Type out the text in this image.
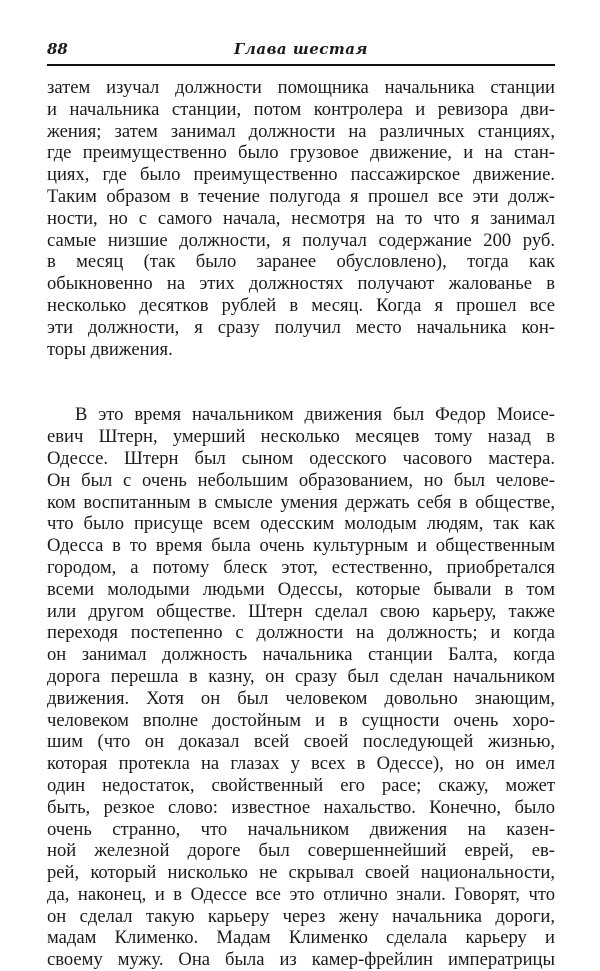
88	Глава шестая
затем изучал должности помощника начальника станции
и начальника станции, потом контролера и ревизора дви-
жения; затем занимал должности на различных станциях,
где преимущественно было грузовое движение, и на стан-
циях, где было преимущественно пассажирское движение.
Таким образом в течение полугода я прошел все эти долж-
ности, но с самого начала, несмотря на то что я занимал
самые низшие должности, я получал содержание 200 руб.
в месяц (так было заранее обусловлено), тогда как
обыкновенно на этих должностях получают жалованье в
несколько десятков рублей в месяц. Когда я прошел все
эти должности, я сразу получил место начальника кон-
торы движения.
В это время начальником движения был Федор Моисе-
евич Штерн, умерший несколько месяцев тому назад в
Одессе. Штерн был сыном одесского часового мастера.
Он был с очень небольшим образованием, но был челове-
ком воспитанным в смысле умения держать себя в обществе,
что было присуще всем одесским молодым людям, так как
Одесса в то время была очень культурным и общественным
городом, а потому блеск этот, естественно, приобретался
всеми молодыми людьми Одессы, которые бывали в том
или другом обществе. Штерн сделал свою карьеру, также
переходя постепенно с должности на должность; и когда
он занимал должность начальника станции Балта, когда
дорога перешла в казну, он сразу был сделан начальником
движения. Хотя он был человеком довольно знающим,
человеком вполне достойным и в сущности очень хоро-
шим (что он доказал всей своей последующей жизнью,
которая протекла на глазах у всех в Одессе), но он имел
один недостаток, свойственный его расе; скажу, может
быть, резкое слово: известное нахальство. Конечно, было
очень странно, что начальником движения на казен-
ной железной дороге был совершеннейший еврей, ев-
рей, который нисколько не скрывал своей национальности,
да, наконец, и в Одессе все это отлично знали. Говорят, что
он сделал такую карьеру через жену начальника дороги,
мадам Клименко. Мадам Клименко сделала карьеру и
своему мужу. Она была из камер-фрейлин императрицы
